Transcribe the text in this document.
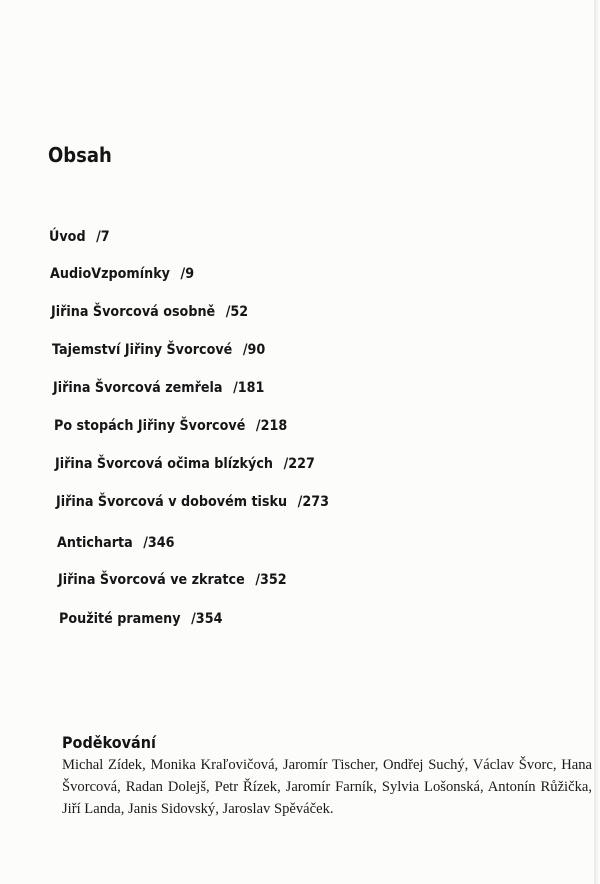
Obsah
Úvod /7
AudioVzpomínky /9
Jiřina Švorcová osobně /52
Tajemství Jiřiny Švorcové /90
Jiřina Švorcová zemřela /181
Po stopách Jiřiny Švorcové /218
Jiřina Švorcová očima blízkých /227
Jiřina Švorcová v dobovém tisku /273
Anticharta /346
Jiřina Švorcová ve zkratce /352
Použité prameny /354
Poděkování

Michal Zídek, Monika Kraľovičová, Jaromír Tischer, Ondřej Suchý, Václav Švorc, Hana Švorcová, Radan Dolejš, Petr Řízek, Jaromír Farník, Sylvia Lošonská, Antonín Růžička, Jiří Landa, Janis Sidovský, Jaroslav Spěváček.
